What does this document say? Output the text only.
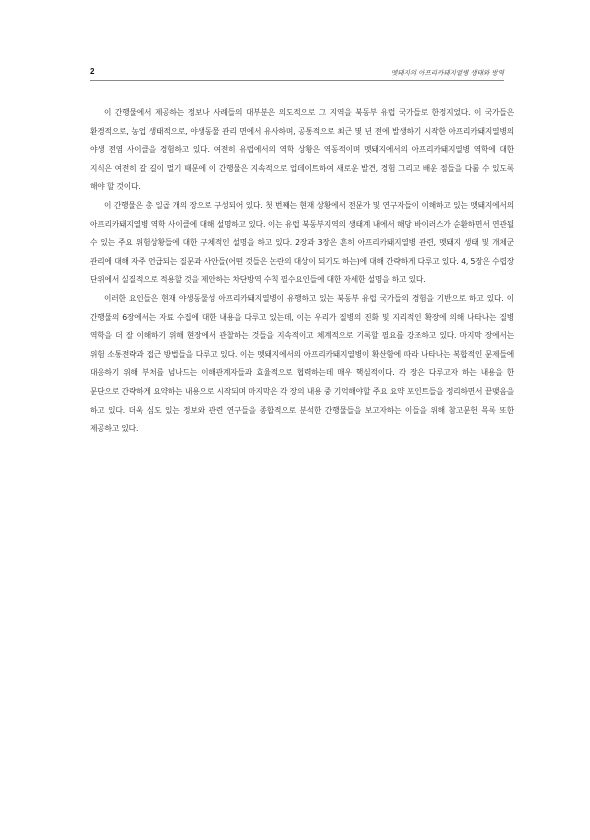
2	멧돼지의 아프리카돼지열병 생태와 방역

이 간행물에서 제공하는 정보나 사례들의 대부분은 의도적으로 그 지역을 북동부 유럽 국가들로 한정지었다. 이 국가들은 환경적으로, 농업 생태적으로, 야생동물 관리 면에서 유사하며, 공통적으로 최근 몇 년 전에 발생하기 시작한 아프리카돼지열병의 야생 전염 사이클을 경험하고 있다. 여전히 유럽에서의 역학 상황은 역동적이며 멧돼지에서의 아프리카돼지열병 역학에 대한 지식은 여전히 갈 길이 멀기 때문에 이 간행물은 지속적으로 업데이트하여 새로운 발견, 경험 그리고 배운 점들을 다룰 수 있도록 해야 할 것이다.

이 간행물은 총 일곱 개의 장으로 구성되어 있다. 첫 번째는 현재 상황에서 전문가 및 연구자들이 이해하고 있는 멧돼지에서의 아프리카돼지열병 역학 사이클에 대해 설명하고 있다. 이는 유럽 북동부지역의 생태계 내에서 해당 바이러스가 순환하면서 연관될 수 있는 주요 위험상황들에 대한 구체적인 설명을 하고 있다. 2장과 3장은 흔히 아프리카돼지열병 관련, 멧돼지 생태 및 개체군 관리에 대해 자주 언급되는 질문과 사안들(어떤 것들은 논란의 대상이 되기도 하는)에 대해 간략하게 다루고 있다. 4, 5장은 수렵장 단위에서 실질적으로 적용할 것을 제안하는 차단방역 수칙 필수요인들에 대한 자세한 설명을 하고 있다.

이러한 요인들은 현재 야생동물성 아프리카돼지열병이 유행하고 있는 북동부 유럽 국가들의 경험을 기반으로 하고 있다. 이 간행물의 6장에서는 자료 수집에 대한 내용을 다루고 있는데, 이는 우리가 질병의 진화 및 지리적인 확장에 의해 나타나는 질병 역학을 더 잘 이해하기 위해 현장에서 관찰하는 것들을 지속적이고 체계적으로 기록할 필요를 강조하고 있다. 마지막 장에서는 위험 소통전략과 접근 방법들을 다루고 있다. 이는 멧돼지에서의 아프리카돼지열병이 확산함에 따라 나타나는 복합적인 문제들에 대응하기 위해 부처를 넘나드는 이해관계자들과 효율적으로 협력하는데 매우 핵심적이다. 각 장은 다루고자 하는 내용을 한 문단으로 간략하게 요약하는 내용으로 시작되며 마지막은 각 장의 내용 중 기억해야할 주요 요약 포인트들을 정리하면서 끝맺음을 하고 있다. 더욱 심도 있는 정보와 관련 연구들을 종합적으로 분석한 간행물들을 보고자하는 이들을 위해 참고문헌 목록 또한 제공하고 있다.
